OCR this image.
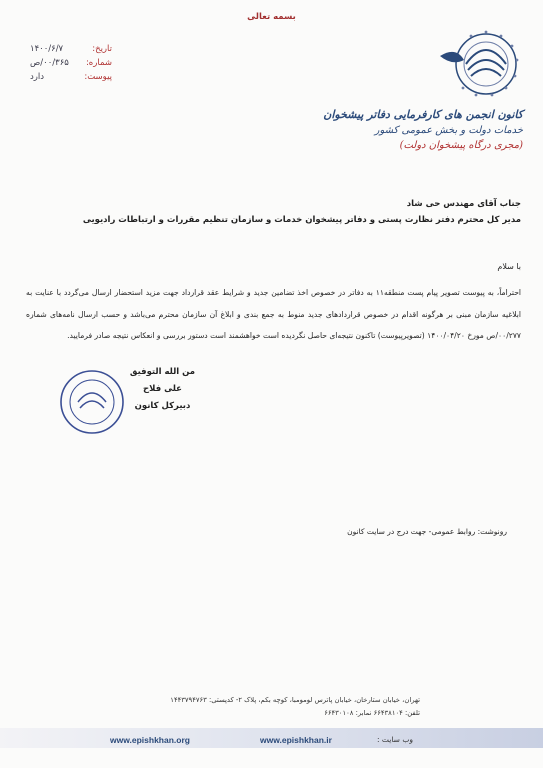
بسمه تعالی
تاریخ:
۱۴۰۰/۶/۷
شماره:
۰۰/۳۶۵/ص
پیوست:
دارد
کانون انجمن های کارفرمایی دفاتر پیشخوان
خدمات دولت و بخش عمومی کشور
(مجری درگاه پیشخوان دولت)
جناب آقای مهندس حی شاد
مدیر کل محترم دفتر نظارت پستی و دفاتر پیشخوان خدمات و سازمان تنظیم مقررات و ارتباطات رادیویی
با سلام
احتراماً، به پیوست تصویر پیام پست منطقه۱۱ به دفاتر در خصوص اخذ تضامین جدید و شرایط عقد قرارداد جهت مزید استحضار ارسال می‌گردد با عنایت به ابلاغیه سازمان مبنی بر هرگونه اقدام در خصوص قراردادهای جدید منوط به جمع بندی و ابلاغ آن سازمان محترم می‌باشد و حسب ارسال نامه‌های شماره ۰۰/۲۷۷/ص مورخ ۱۴۰۰/۰۴/۲۰ (تصویرپیوست) تاکنون نتیجه‌ای حاصل نگردیده است خواهشمند است دستور بررسی و انعکاس نتیجه صادر فرمایید.
من الله التوفیق
علی فلاح
دبیرکل کانون
رونوشت: روابط عمومی- جهت درج در سایت کانون
تهران، خیابان ستارخان، خیابان پاترس لومومبا، کوچه بکم، پلاک ۲- کدپستی: ۱۴۴۳۷۹۴۷۶۳
تلفن: ۶۶۴۳۸۱۰۴ نمابر: ۶۶۴۳۰۱۰۸
www.epishkhan.org	www.epishkhan.ir	وب سایت :
